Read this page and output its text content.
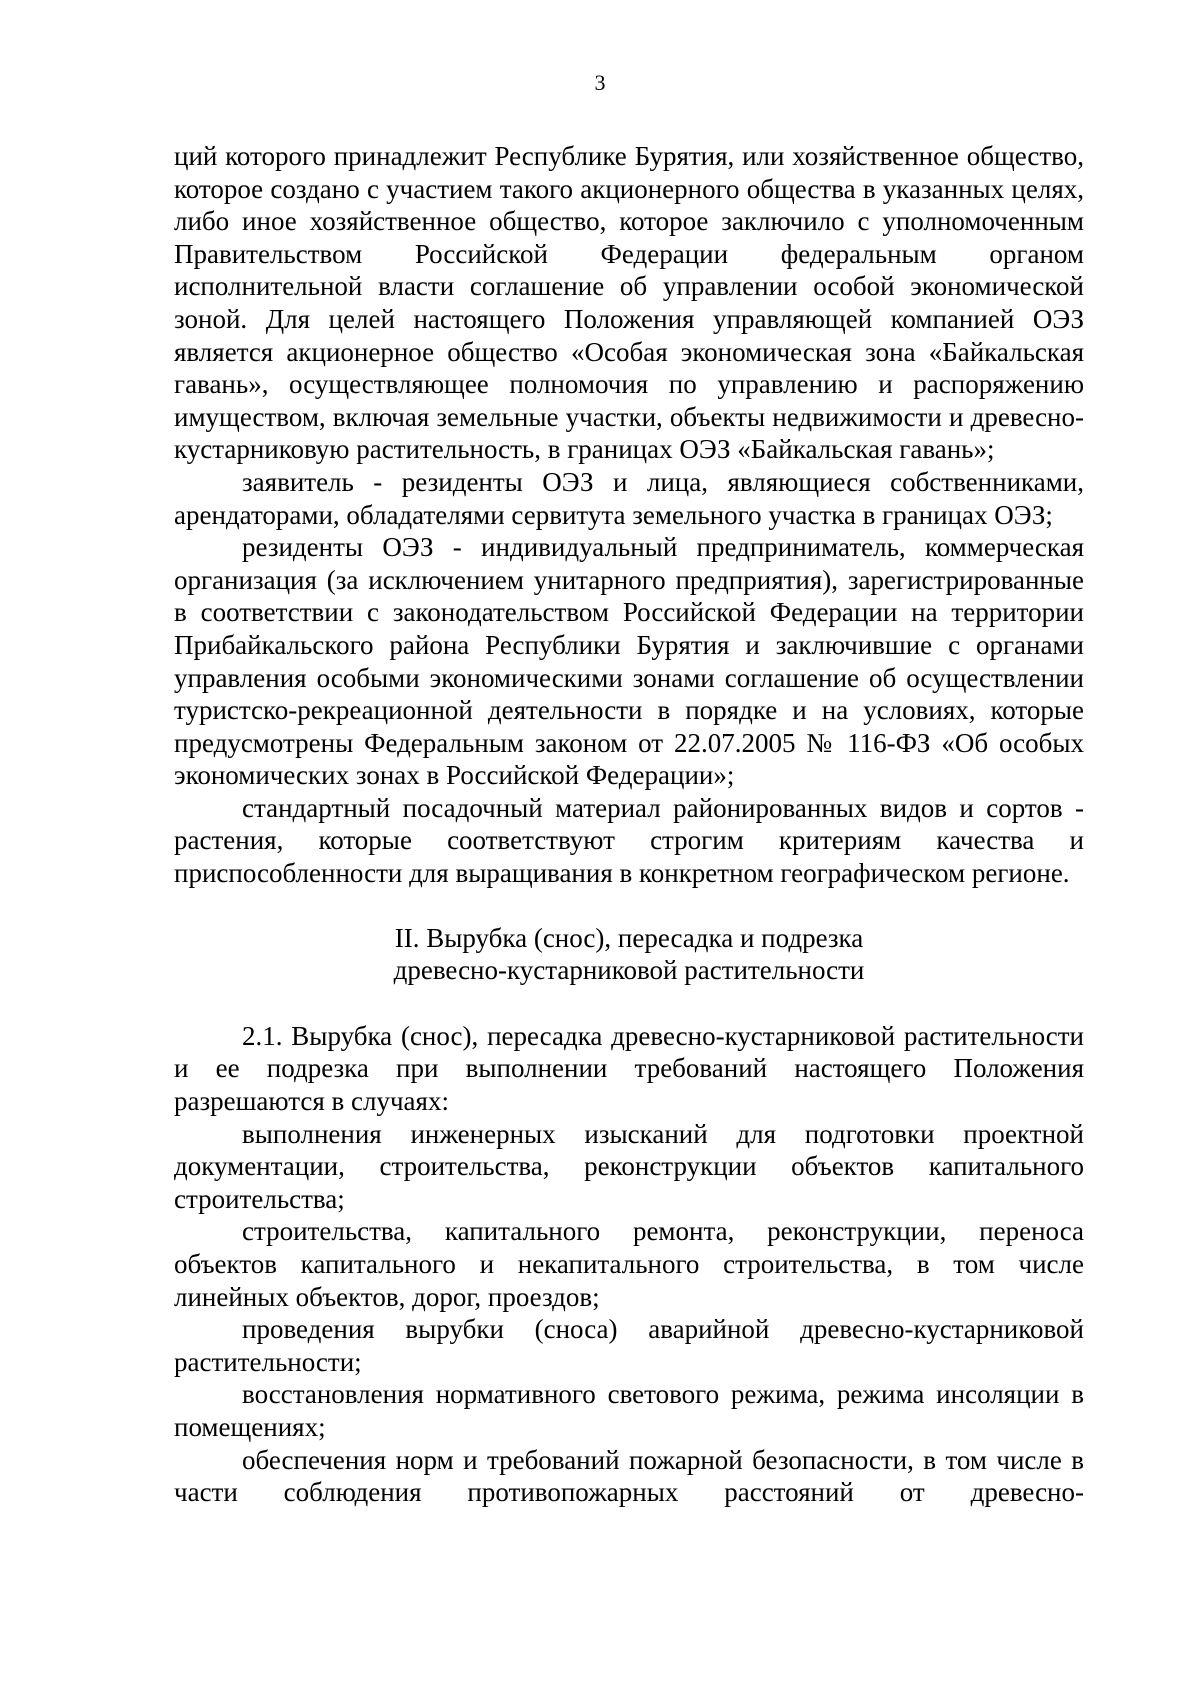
3

ций которого принадлежит Республике Бурятия, или хозяйственное общество, которое создано с участием такого акционерного общества в указанных целях, либо иное хозяйственное общество, которое заключило с уполномоченным Правительством Российской Федерации федеральным органом исполнительной власти соглашение об управлении особой экономической зоной. Для целей настоящего Положения управляющей компанией ОЭЗ является акционерное общество «Особая экономическая зона «Байкальская гавань», осуществляющее полномочия по управлению и распоряжению имуществом, включая земельные участки, объекты недвижимости и древесно-кустарниковую растительность, в границах ОЭЗ «Байкальская гавань»;

заявитель - резиденты ОЭЗ и лица, являющиеся собственниками, арендаторами, обладателями сервитута земельного участка в границах ОЭЗ;

резиденты ОЭЗ - индивидуальный предприниматель, коммерческая организация (за исключением унитарного предприятия), зарегистрированные в соответствии с законодательством Российской Федерации на территории Прибайкальского района Республики Бурятия и заключившие с органами управления особыми экономическими зонами соглашение об осуществлении туристско-рекреационной деятельности в порядке и на условиях, которые предусмотрены Федеральным законом от 22.07.2005 № 116-ФЗ «Об особых экономических зонах в Российской Федерации»;

стандартный посадочный материал районированных видов и сортов - растения, которые соответствуют строгим критериям качества и приспособленности для выращивания в конкретном географическом регионе.

II. Вырубка (снос), пересадка и подрезка
древесно-кустарниковой растительности

2.1. Вырубка (снос), пересадка древесно-кустарниковой растительности и ее подрезка при выполнении требований настоящего Положения разрешаются в случаях:

выполнения инженерных изысканий для подготовки проектной документации, строительства, реконструкции объектов капитального строительства;

строительства, капитального ремонта, реконструкции, переноса объектов капитального и некапитального строительства, в том числе линейных объектов, дорог, проездов;

проведения вырубки (сноса) аварийной древесно-кустарниковой растительности;

восстановления нормативного светового режима, режима инсоляции в помещениях;

обеспечения норм и требований пожарной безопасности, в том числе в части соблюдения противопожарных расстояний от древесно-
